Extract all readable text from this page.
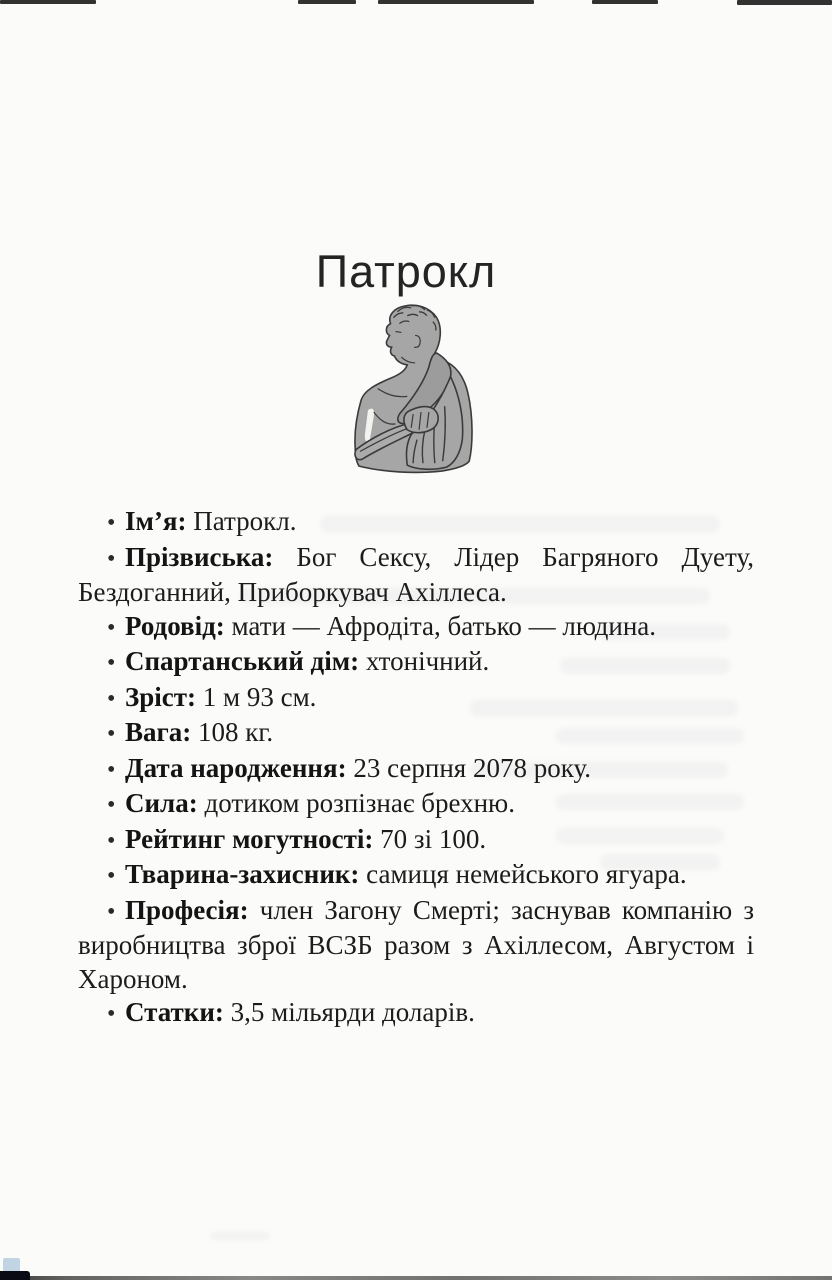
Патрокл

• Ім’я: Патрокл.

• Прізвиська: Бог Сексу, Лідер Багряного Дуету, Бездоганний, Приборкувач Ахіллеса.

• Родовід: мати — Афродіта, батько — людина.

• Спартанський дім: хтонічний.

• Зріст: 1 м 93 см.

• Вага: 108 кг.

• Дата народження: 23 серпня 2078 року.

• Сила: дотиком розпізнає брехню.

• Рейтинг могутності: 70 зі 100.

• Тварина-захисник: самиця немейського ягуара.

• Професія: член Загону Смерті; заснував компанію з виробництва зброї ВСЗБ разом з Ахіллесом, Августом і Хароном.

• Статки: 3,5 мільярди доларів.
